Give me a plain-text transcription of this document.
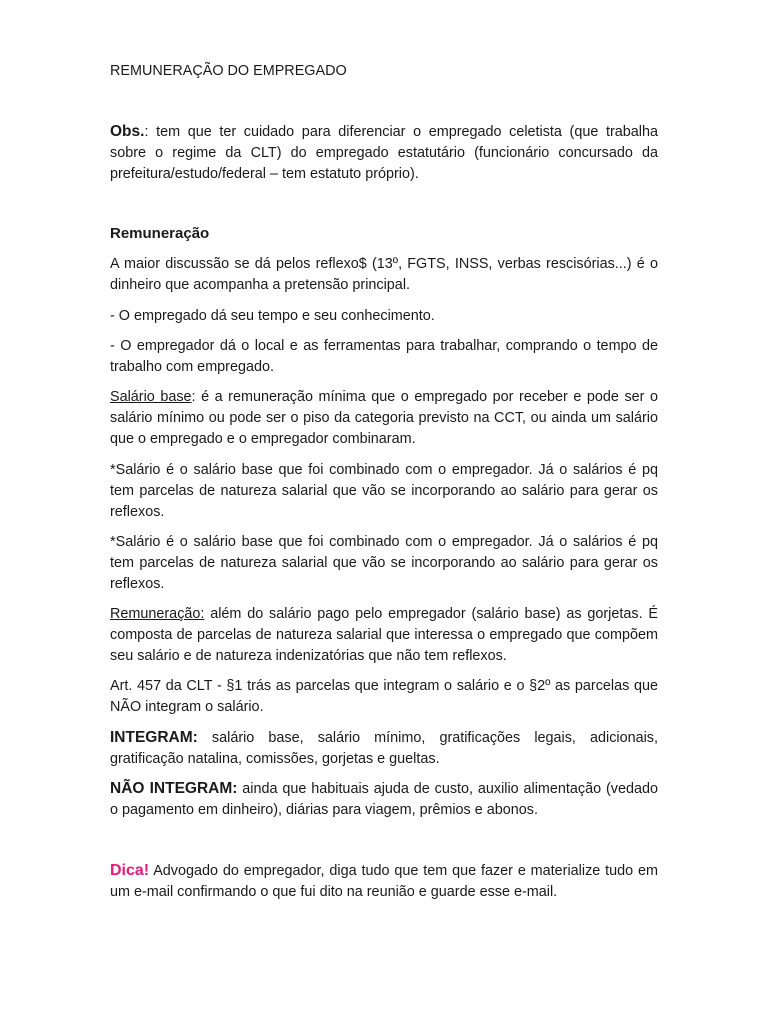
REMUNERAÇÃO DO EMPREGADO

Obs.: tem que ter cuidado para diferenciar o empregado celetista (que trabalha sobre o regime da CLT) do empregado estatutário (funcionário concursado da prefeitura/estudo/federal – tem estatuto próprio).

Remuneração

A maior discussão se dá pelos reflexo$ (13º, FGTS, INSS, verbas rescisórias...) é o dinheiro que acompanha a pretensão principal.

- O empregado dá seu tempo e seu conhecimento.

- O empregador dá o local e as ferramentas para trabalhar, comprando o tempo de trabalho com empregado.

Salário base: é a remuneração mínima que o empregado por receber e pode ser o salário mínimo ou pode ser o piso da categoria previsto na CCT, ou ainda um salário que o empregado e o empregador combinaram.

*Salário é o salário base que foi combinado com o empregador. Já o salários é pq tem parcelas de natureza salarial que vão se incorporando ao salário para gerar os reflexos.

*Salário é o salário base que foi combinado com o empregador. Já o salários é pq tem parcelas de natureza salarial que vão se incorporando ao salário para gerar os reflexos.

Remuneração: além do salário pago pelo empregador (salário base) as gorjetas. É composta de parcelas de natureza salarial que interessa o empregado que compõem seu salário e de natureza indenizatórias que não tem reflexos.

Art. 457 da CLT - §1 trás as parcelas que integram o salário e o §2º as parcelas que NÃO integram o salário.

INTEGRAM: salário base, salário mínimo, gratificações legais, adicionais, gratificação natalina, comissões, gorjetas e gueltas.

NÃO INTEGRAM: ainda que habituais ajuda de custo, auxilio alimentação (vedado o pagamento em dinheiro), diárias para viagem, prêmios e abonos.

Dica! Advogado do empregador, diga tudo que tem que fazer e materialize tudo em um e-mail confirmando o que fui dito na reunião e guarde esse e-mail.
